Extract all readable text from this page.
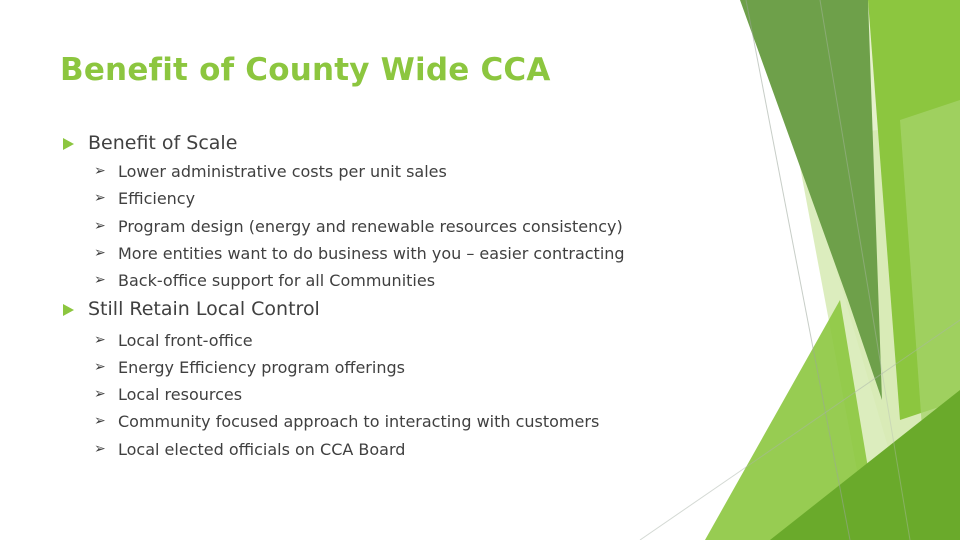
Benefit of County Wide CCA
Benefit of Scale
➢ Lower administrative costs per unit sales
➢ Efficiency
➢ Program design (energy and renewable resources consistency)
➢ More entities want to do business with you – easier contracting
➢ Back-office support for all Communities
Still Retain Local Control
➢ Local front-office
➢ Energy Efficiency program offerings
➢ Local resources
➢ Community focused approach to interacting with customers
➢ Local elected officials on CCA Board
